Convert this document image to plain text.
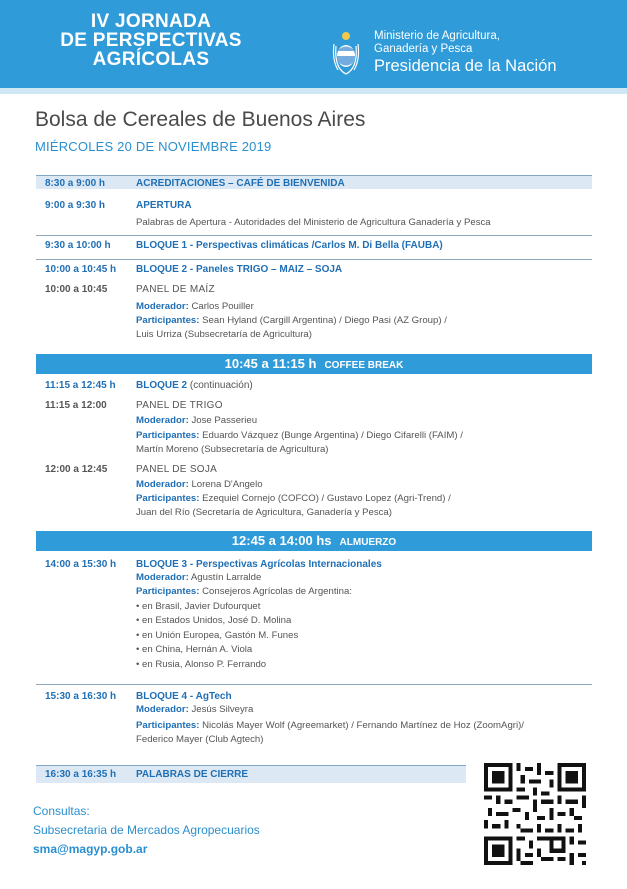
IV JORNADA
DE PERSPECTIVAS
AGRÍCOLAS
Ministerio de Agricultura,
Ganadería y Pesca
Presidencia de la Nación
Bolsa de Cereales de Buenos Aires
MIÉRCOLES 20 DE NOVIEMBRE 2019
8:30 a 9:00 h	ACREDITACIONES – CAFÉ DE BIENVENIDA
9:00 a 9:30 h	APERTURA
Palabras de Apertura - Autoridades del Ministerio de Agricultura Ganadería y Pesca
9:30 a 10:00 h	BLOQUE 1 - Perspectivas climáticas /Carlos M. Di Bella (FAUBA)
10:00 a 10:45 h BLOQUE 2 - Paneles TRIGO – MAIZ – SOJA
10:00 a 10:45	PANEL DE MAÍZ
Moderador: Carlos Pouiller
Participantes: Sean Hyland (Cargill Argentina) / Diego Pasi (AZ Group) /
Luis Urriza (Subsecretaría de Agricultura)
10:45 a 11:15 h COFFEE BREAK
11:15 a 12:45 h BLOQUE 2 (continuación)
11:15 a 12:00	PANEL DE TRIGO
Moderador: Jose Passerieu
Participantes: Eduardo Vázquez (Bunge Argentina) / Diego Cifarelli (FAIM) /
Martín Moreno (Subsecretaría de Agricultura)
12:00 a 12:45	PANEL DE SOJA
Moderador: Lorena D'Angelo
Participantes: Ezequiel Cornejo (COFCO) / Gustavo Lopez (Agri-Trend) /
Juan del Río (Secretaría de Agricultura, Ganadería y Pesca)
12:45 a 14:00 hs ALMUERZO
14:00 a 15:30 h BLOQUE 3 - Perspectivas Agrícolas Internacionales
Moderador: Agustín Larralde
Participantes: Consejeros Agrícolas de Argentina:
• en Brasil, Javier Dufourquet
• en Estados Unidos, José D. Molina
• en Unión Europea, Gastón M. Funes
• en China, Hernán A. Viola
• en Rusia, Alonso P. Ferrando
15:30 a 16:30 h BLOQUE 4 - AgTech
Moderador: Jesús Silveyra
Participantes: Nicolás Mayer Wolf (Agreemarket) / Fernando Martínez de Hoz (ZoomAgri)/
Federico Mayer (Club Agtech)
16:30 a 16:35 h PALABRAS DE CIERRE
Consultas:
Subsecretaria de Mercados Agropecuarios
sma@magyp.gob.ar
